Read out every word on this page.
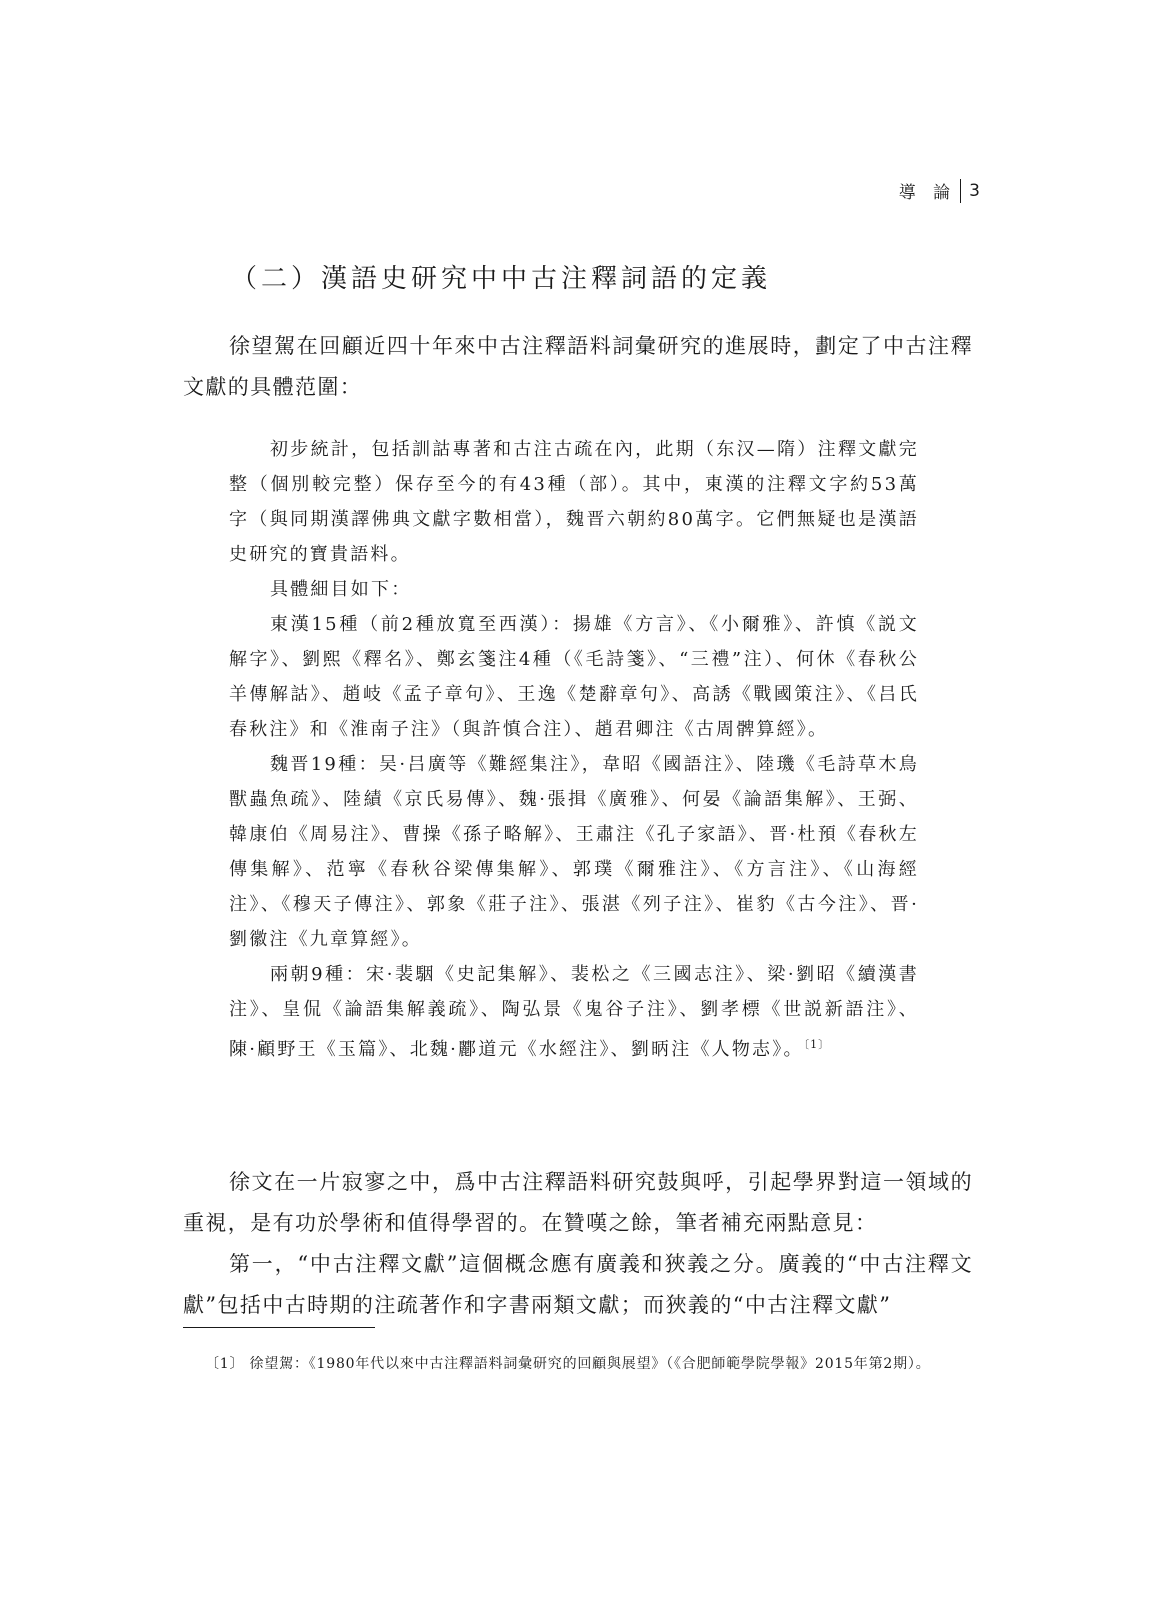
導 論 3
（二）漢語史研究中中古注釋詞語的定義

徐望駕在回顧近四十年來中古注釋語料詞彙研究的進展時，劃定了中古注釋文獻的具體范圍：

初步統計，包括訓詁專著和古注古疏在內，此期（东汉—隋）注釋文獻完整（個別較完整）保存至今的有43種（部）。其中，東漢的注釋文字約53萬字（與同期漢譯佛典文獻字數相當），魏晋六朝約80萬字。它們無疑也是漢語史研究的寶貴語料。

具體細目如下：

東漢15種（前2種放寬至西漢）：揚雄《方言》、《小爾雅》、許慎《説文解字》、劉熙《釋名》、鄭玄箋注4種（《毛詩箋》、“三禮”注）、何休《春秋公羊傳解詁》、趙岐《孟子章句》、王逸《楚辭章句》、高誘《戰國策注》、《吕氏春秋注》和《淮南子注》（與許慎合注）、趙君卿注《古周髀算經》。

魏晋19種：吴·吕廣等《難經集注》，韋昭《國語注》、陸璣《毛詩草木鳥獸蟲魚疏》、陸績《京氏易傳》、魏·張揖《廣雅》、何晏《論語集解》、王弼、韓康伯《周易注》、曹操《孫子略解》、王肅注《孔子家語》、晋·杜預《春秋左傳集解》、范寧《春秋谷梁傳集解》、郭璞《爾雅注》、《方言注》、《山海經注》、《穆天子傳注》、郭象《莊子注》、張湛《列子注》、崔豹《古今注》、晋·劉徽注《九章算經》。

兩朝9種：宋·裴駰《史記集解》、裴松之《三國志注》、梁·劉昭《續漢書注》、皇侃《論語集解義疏》、陶弘景《鬼谷子注》、劉孝標《世説新語注》、陳·顧野王《玉篇》、北魏·酈道元《水經注》、劉昞注《人物志》。$^{〔1〕}$

徐文在一片寂寥之中，爲中古注釋語料研究鼓與呼，引起學界對這一領域的重視，是有功於學術和值得學習的。在贊嘆之餘，筆者補充兩點意見：

第一，“中古注釋文獻”這個概念應有廣義和狹義之分。廣義的“中古注釋文獻”包括中古時期的注疏著作和字書兩類文獻；而狹義的“中古注釋文獻”

〔1〕 徐望駕：《1980年代以來中古注釋語料詞彙研究的回顧與展望》（《合肥師範學院學報》2015年第2期）。
